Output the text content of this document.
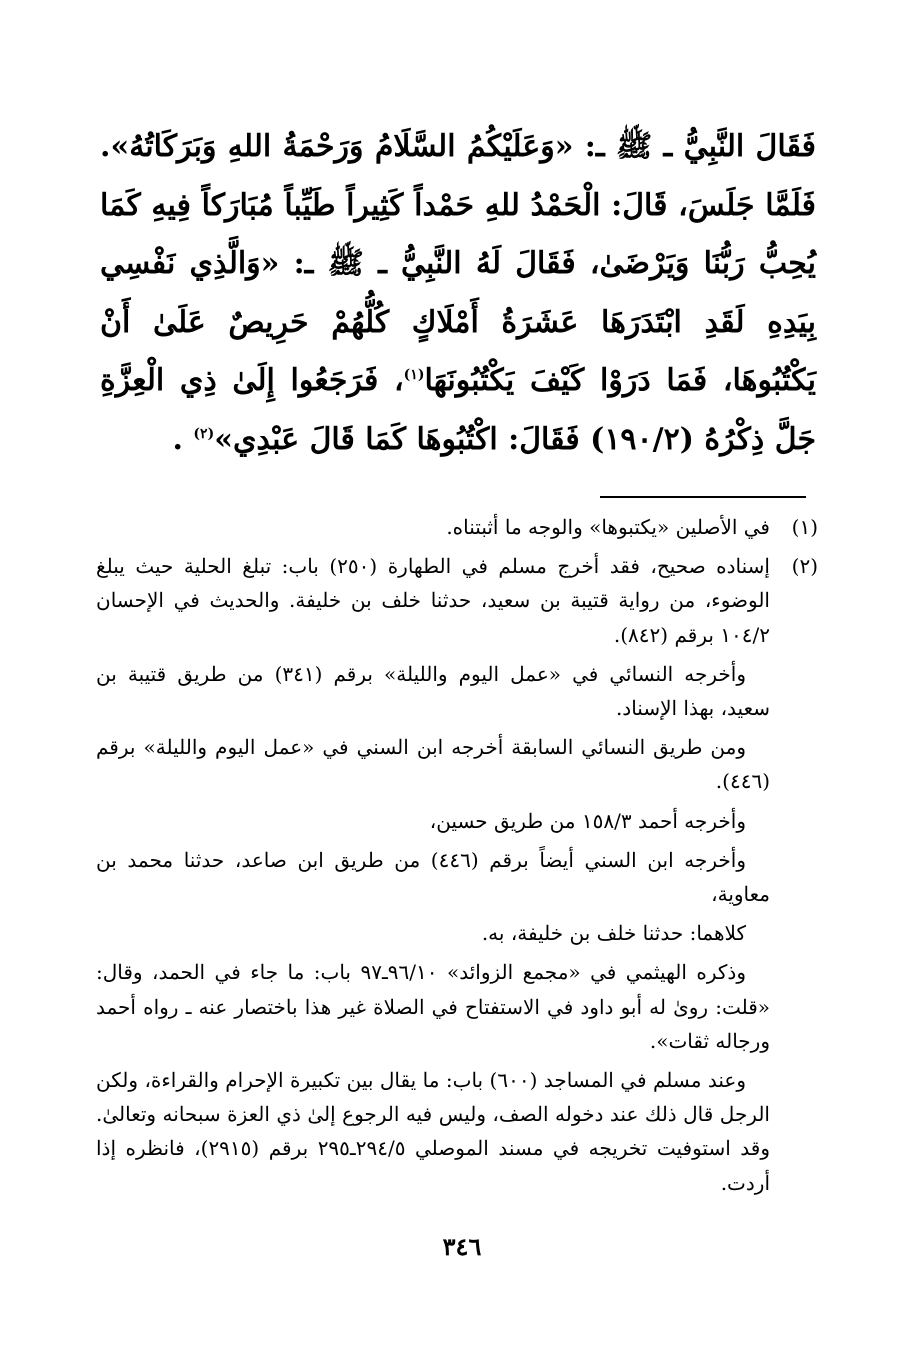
فَقَالَ النَّبِيُّ ـ ﷺ ـ: «وَعَلَيْكُمُ السَّلَامُ وَرَحْمَةُ اللهِ وَبَرَكَاتُهُ». فَلَمَّا جَلَسَ، قَالَ: الْحَمْدُ للهِ حَمْداً كَثِيراً طَيِّباً مُبَارَكاً فِيهِ كَمَا يُحِبُّ رَبُّنَا وَيَرْضَىٰ، فَقَالَ لَهُ النَّبِيُّ ـ ﷺ ـ: «وَالَّذِي نَفْسِي بِيَدِهِ لَقَدِ ابْتَدَرَهَا عَشَرَةُ أَمْلَاكٍ كُلُّهُمْ حَرِيصٌ عَلَىٰ أَنْ يَكْتُبُوهَا، فَمَا دَرَوْا كَيْفَ يَكْتُبُونَهَا$^{(١)}$، فَرَجَعُوا إِلَىٰ ذِي الْعِزَّةِ جَلَّ ذِكْرُهُ (١٩٠/٢) فَقَالَ: اكْتُبُوهَا كَمَا قَالَ عَبْدِي»$^{(٢)}$ .

(١)

في الأصلين «يكتبوها» والوجه ما أثبتناه.

(٢)

إسناده صحيح، فقد أخرج مسلم في الطهارة (٢٥٠) باب: تبلغ الحلية حيث يبلغ الوضوء، من رواية قتيبة بن سعيد، حدثنا خلف بن خليفة. والحديث في الإحسان ١٠٤/٢ برقم (٨٤٢).

وأخرجه النسائي في «عمل اليوم والليلة» برقم (٣٤١) من طريق قتيبة بن سعيد، بهذا الإسناد.

ومن طريق النسائي السابقة أخرجه ابن السني في «عمل اليوم والليلة» برقم (٤٤٦).

وأخرجه أحمد ١٥٨/٣ من طريق حسين،

وأخرجه ابن السني أيضاً برقم (٤٤٦) من طريق ابن صاعد، حدثنا محمد بن معاوية،

كلاهما: حدثنا خلف بن خليفة، به.

وذكره الهيثمي في «مجمع الزوائد» ٩٦/١٠ـ٩٧ باب: ما جاء في الحمد، وقال: «قلت: روىٰ له أبو داود في الاستفتاح في الصلاة غير هذا باختصار عنه ـ رواه أحمد ورجاله ثقات».

وعند مسلم في المساجد (٦٠٠) باب: ما يقال بين تكبيرة الإحرام والقراءة، ولكن الرجل قال ذلك عند دخوله الصف، وليس فيه الرجوع إلىٰ ذي العزة سبحانه وتعالىٰ. وقد استوفيت تخريجه في مسند الموصلي ٢٩٤/٥ـ٢٩٥ برقم (٢٩١٥)، فانظره إذا أردت.

٣٤٦
